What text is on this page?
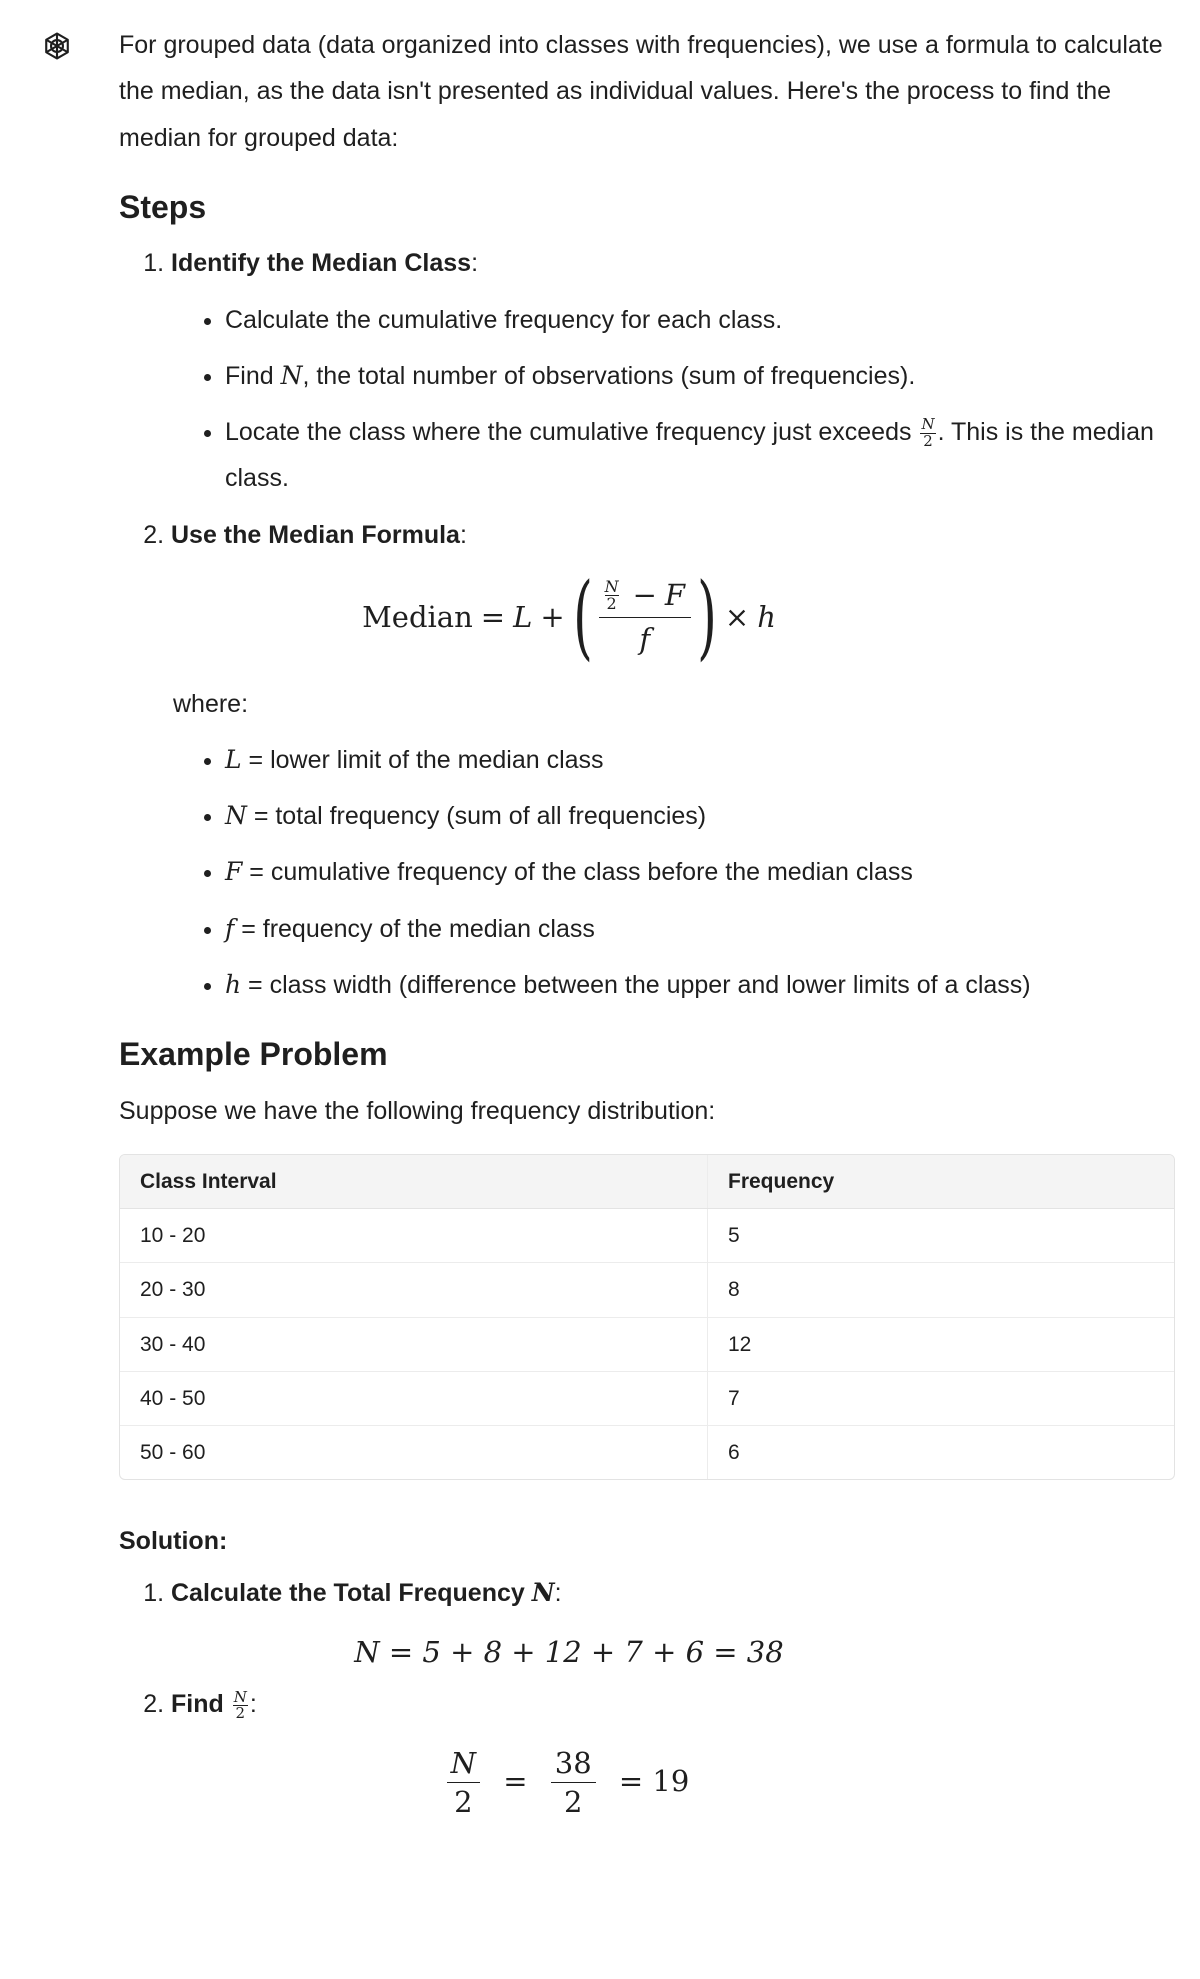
For grouped data (data organized into classes with frequencies), we use a formula to calculate the median, as the data isn't presented as individual values. Here's the process to find the median for grouped data:

Steps
1. Identify the Median Class:
• Calculate the cumulative frequency for each class.
• Find N, the total number of observations (sum of frequencies).
• Locate the class where the cumulative frequency just exceeds $\frac{N}{2}$ . This is the median class.
2. Use the Median Formula:
Median = L + ( $\frac{\frac{N}{2} - F}{f}$ ) × h

where:

• L = lower limit of the median class
• N = total frequency (sum of all frequencies)
• F = cumulative frequency of the class before the median class
• f = frequency of the median class
• h = class width (difference between the upper and lower limits of a class)
Example Problem

Suppose we have the following frequency distribution:

Class Interval	Frequency
10 - 20	5
20 - 30	8
30 - 40	12
40 - 50	7
50 - 60	6

Solution:

1. Calculate the Total Frequency N:
N = 5 + 8 + 12 + 7 + 6 = 38
2. Find $\frac{N}{2}$ :
$\frac{N}{2} = \frac{38}{2} = 19$
